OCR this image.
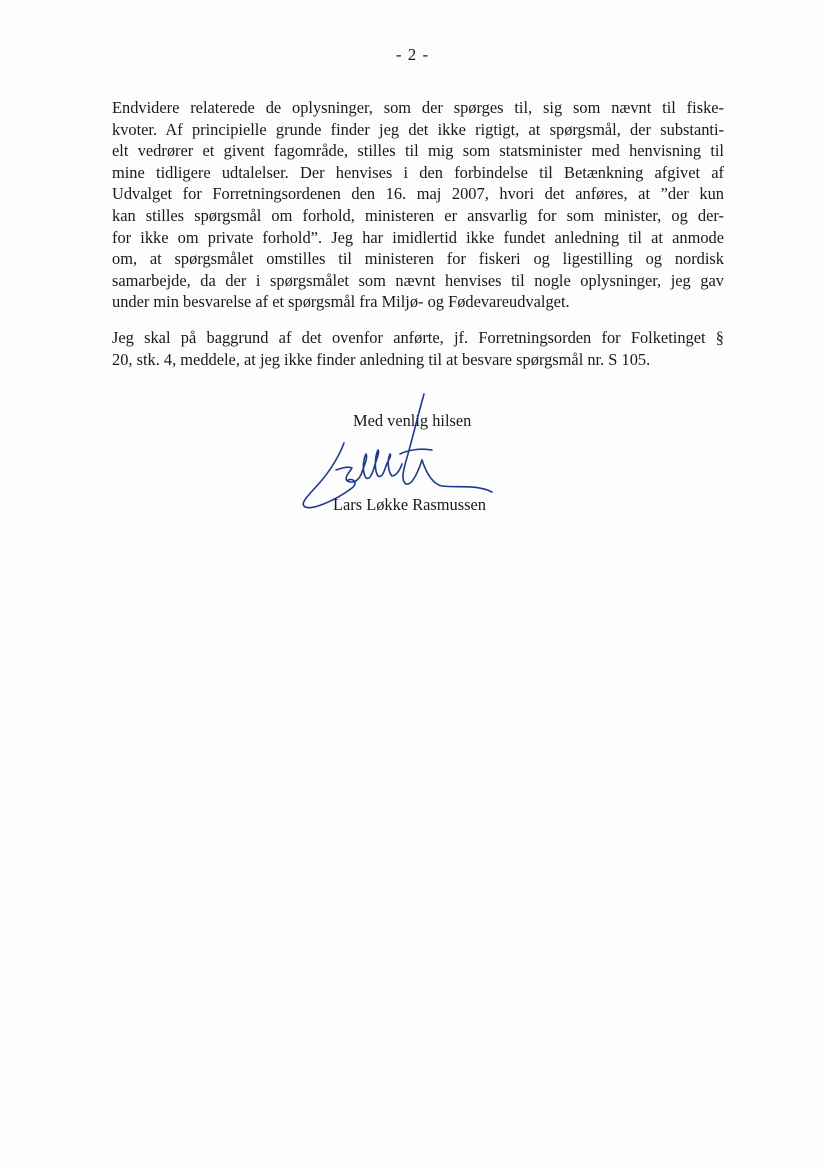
- 2 -
Endvidere relaterede de oplysninger, som der spørges til, sig som nævnt til fiske-
kvoter. Af principielle grunde finder jeg det ikke rigtigt, at spørgsmål, der substanti-
elt vedrører et givent fagområde, stilles til mig som statsminister med henvisning til
mine tidligere udtalelser. Der henvises i den forbindelse til Betænkning afgivet af
Udvalget for Forretningsordenen den 16. maj 2007, hvori det anføres, at ”der kun
kan stilles spørgsmål om forhold, ministeren er ansvarlig for som minister, og der-
for ikke om private forhold”. Jeg har imidlertid ikke fundet anledning til at anmode
om, at spørgsmålet omstilles til ministeren for fiskeri og ligestilling og nordisk
samarbejde, da der i spørgsmålet som nævnt henvises til nogle oplysninger, jeg gav
under min besvarelse af et spørgsmål fra Miljø- og Fødevareudvalget.
Jeg skal på baggrund af det ovenfor anførte, jf. Forretningsorden for Folketinget §
20, stk. 4, meddele, at jeg ikke finder anledning til at besvare spørgsmål nr. S 105.
Med venlig hilsen
Lars Løkke Rasmussen
